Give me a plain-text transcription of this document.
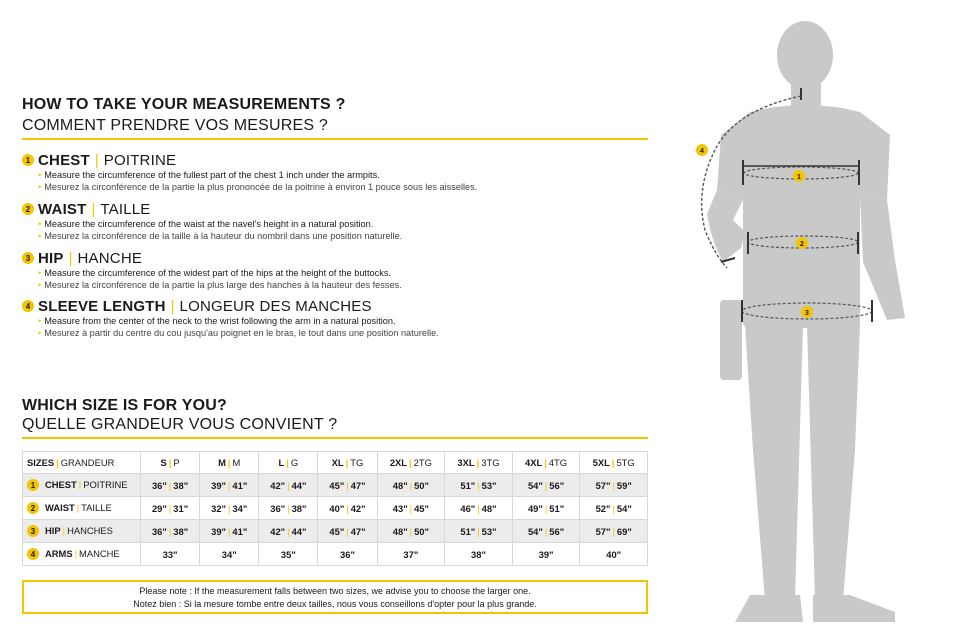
HOW TO TAKE YOUR MEASUREMENTS ?
COMMENT PRENDRE VOS MESURES ?
1 CHEST | POITRINE
• Measure the circumference of the fullest part of the chest 1 inch under the armpits.
• Mesurez la circonférence de la partie la plus prononcée de la poitrine à environ 1 pouce sous les aisselles.
2 WAIST | TAILLE
• Measure the circumference of the waist at the navel's height in a natural position.
• Mesurez la circonférence de la taille à la hauteur du nombril dans une position naturelle.
3 HIP | HANCHE
• Measure the circumference of the widest part of the hips at the height of the buttocks.
• Mesurez la circonférence de la partie la plus large des hanches à la hauteur des fesses.
4 SLEEVE LENGTH | LONGEUR DES MANCHES
• Measure from the center of the neck to the wrist following the arm in a natural position.
• Mesurez à partir du centre du cou jusqu'au poignet en le bras, le tout dans une position naturelle.
WHICH SIZE IS FOR YOU?
QUELLE GRANDEUR VOUS CONVIENT ?
SIZES | GRANDEUR	S | P	M | M	L | G	XL | TG	2XL | 2TG	3XL | 3TG	4XL | 4TG	5XL | 5TG
1 CHEST | POITRINE	36" | 38"	39" | 41"	42" | 44"	45" | 47"	48" | 50"	51" | 53"	54" | 56"	57" | 59"
2 WAIST | TAILLE	29" | 31"	32" | 34"	36" | 38"	40" | 42"	43" | 45"	46" | 48"	49" | 51"	52" | 54"
3 HIP | HANCHES	36" | 38"	39" | 41"	42" | 44"	45" | 47"	48" | 50"	51" | 53"	54" | 56"	57" | 69"
4 ARMS | MANCHE	33"	34"	35"	36"	37"	38"	39"	40"
Please note : If the measurement falls between two sizes, we advise you to choose the larger one.
Notez bien : Si la mesure tombe entre deux tailles, nous vous conseillons d'opter pour la plus grande.
4
1
2
3
